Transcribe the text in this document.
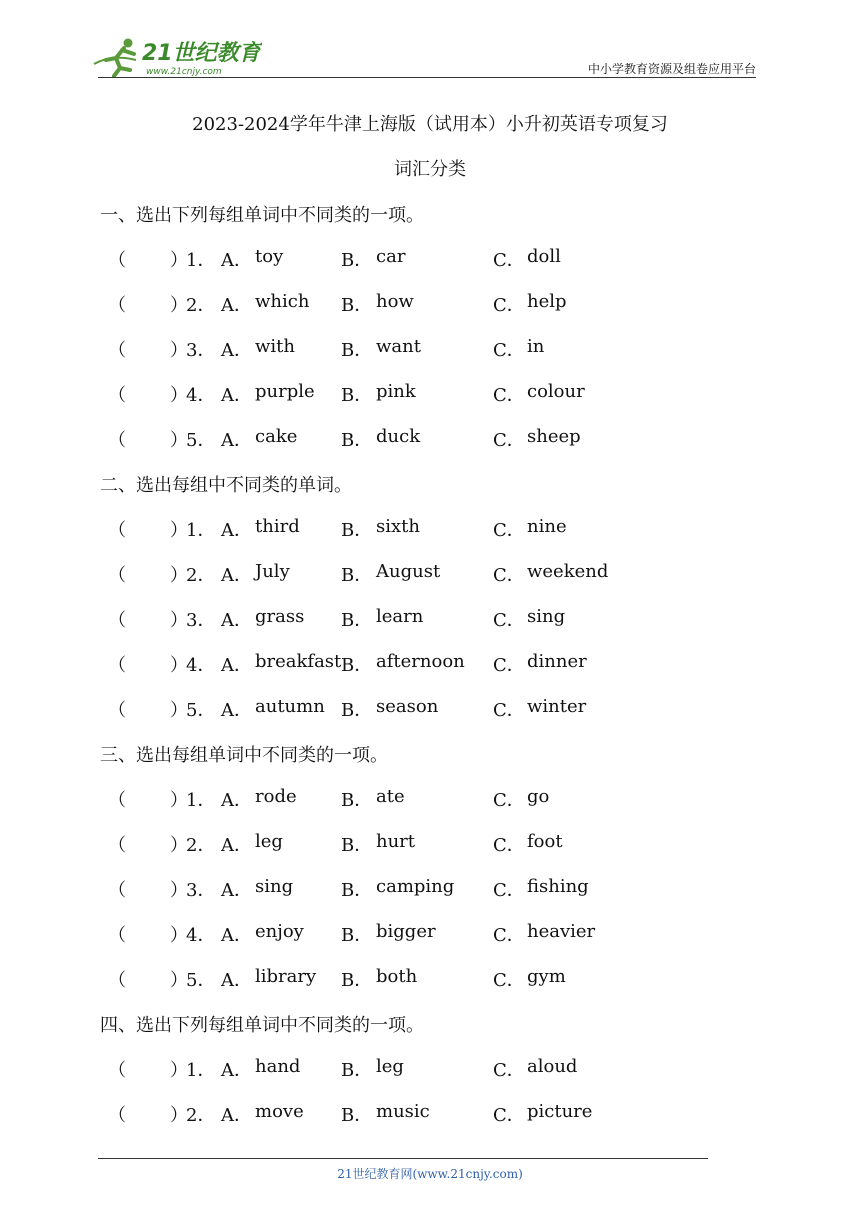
21世纪教育
www.21cnjy.com	中小学教育资源及组卷应用平台
2023-2024学年牛津上海版（试用本）小升初英语专项复习
词汇分类
一、选出下列每组单词中不同类的一项。
（ ）
1． A． toy	B． car	C． doll
（ ）
2． A． which B． how	C． help
（ ）
3． A． with	B． want	C． in
（ ）
4． A． purple B． pink	C． colour
（ ）
5． A． cake B． duck	C． sheep
二、选出每组中不同类的单词。
（ ）
1． A． third B． sixth	C． nine
（ ）
2． A． July	B． August	C． weekend
（ ）
3． A． grass B． learn	C． sing
（ ）
4． A． breakfast B． afternoon C． dinner
（ ）
5． A． autumn B． season	C． winter
三、选出每组单词中不同类的一项。
（ ）
1． A． rode B． ate	C． go
（ ）
2． A． leg	B． hurt	C． foot
（ ）
3． A． sing	B． camping C． fishing
（ ）
4． A． enjoy B． bigger	C． heavier
（ ）
5． A． library B． both	C． gym
四、选出下列每组单词中不同类的一项。
（ ）
1． A． hand B． leg	C． aloud
（ ）
2． A． move B． music	C． picture
21世纪教育网(www.21cnjy.com)
